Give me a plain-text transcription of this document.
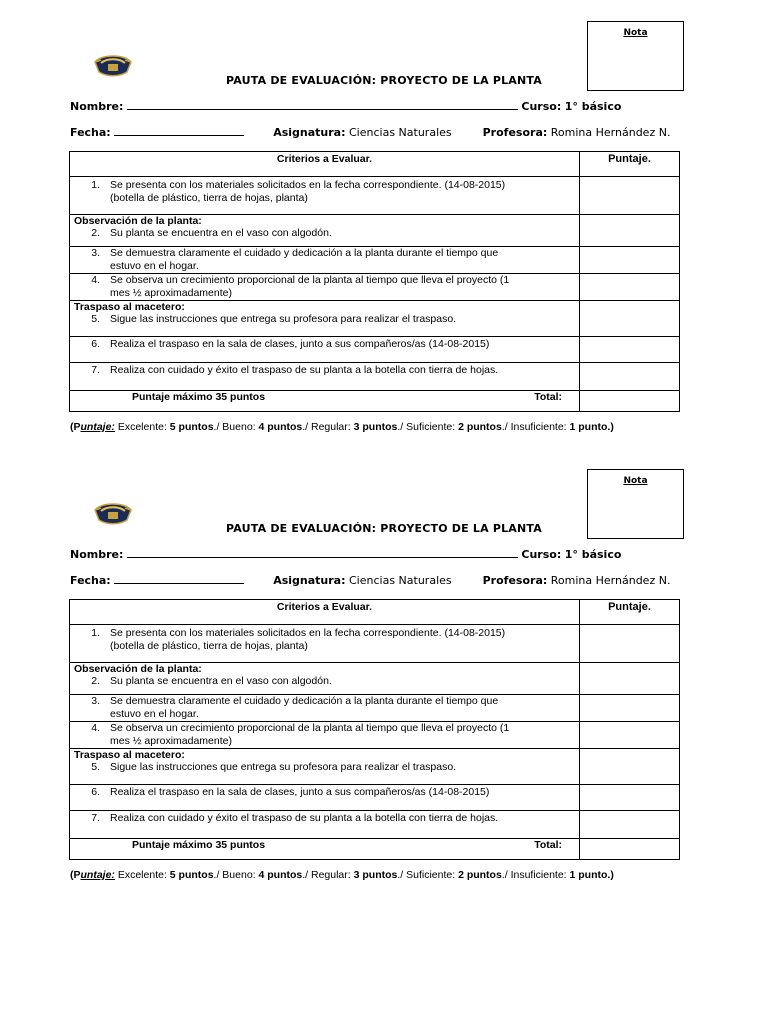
Nota
PAUTA DE EVALUACIÓN: PROYECTO DE LA PLANTA
Nombre:	Curso: 1° básico
Fecha:	Asignatura: Ciencias Naturales	Profesora: Romina Hernández N.
Criterios a Evaluar.	Puntaje.

1. Se presenta con los materiales solicitados en la fecha correspondiente. (14-08-2015)
(botella de plástico, tierra de hojas, planta)	

Observación de la planta:
2. Su planta se encuentra en el vaso con algodón.	

3. Se demuestra claramente el cuidado y dedicación a la planta durante el tiempo que
estuvo en el hogar.	

4. Se observa un crecimiento proporcional de la planta al tiempo que lleva el proyecto (1
mes ½ aproximadamente)	

Traspaso al macetero:
5. Sigue las instrucciones que entrega su profesora para realizar el traspaso.	

6. Realiza el traspaso en la sala de clases, junto a sus compañeros/as (14-08-2015)	

7. Realiza con cuidado y éxito el traspaso de su planta a la botella con tierra de hojas.	

Puntaje máximo 35 puntos Total:	

(Puntaje: Excelente: 5 puntos./ Bueno: 4 puntos./ Regular: 3 puntos./ Suficiente: 2 puntos./ Insuficiente: 1 punto.)
Nota
PAUTA DE EVALUACIÓN: PROYECTO DE LA PLANTA
Nombre:	Curso: 1° básico
Fecha:	Asignatura: Ciencias Naturales	Profesora: Romina Hernández N.
Criterios a Evaluar.	Puntaje.

1. Se presenta con los materiales solicitados en la fecha correspondiente. (14-08-2015)
(botella de plástico, tierra de hojas, planta)	

Observación de la planta:
2. Su planta se encuentra en el vaso con algodón.	

3. Se demuestra claramente el cuidado y dedicación a la planta durante el tiempo que
estuvo en el hogar.	

4. Se observa un crecimiento proporcional de la planta al tiempo que lleva el proyecto (1
mes ½ aproximadamente)	

Traspaso al macetero:
5. Sigue las instrucciones que entrega su profesora para realizar el traspaso.	

6. Realiza el traspaso en la sala de clases, junto a sus compañeros/as (14-08-2015)	

7. Realiza con cuidado y éxito el traspaso de su planta a la botella con tierra de hojas.	

Puntaje máximo 35 puntos Total:	

(Puntaje: Excelente: 5 puntos./ Bueno: 4 puntos./ Regular: 3 puntos./ Suficiente: 2 puntos./ Insuficiente: 1 punto.)
